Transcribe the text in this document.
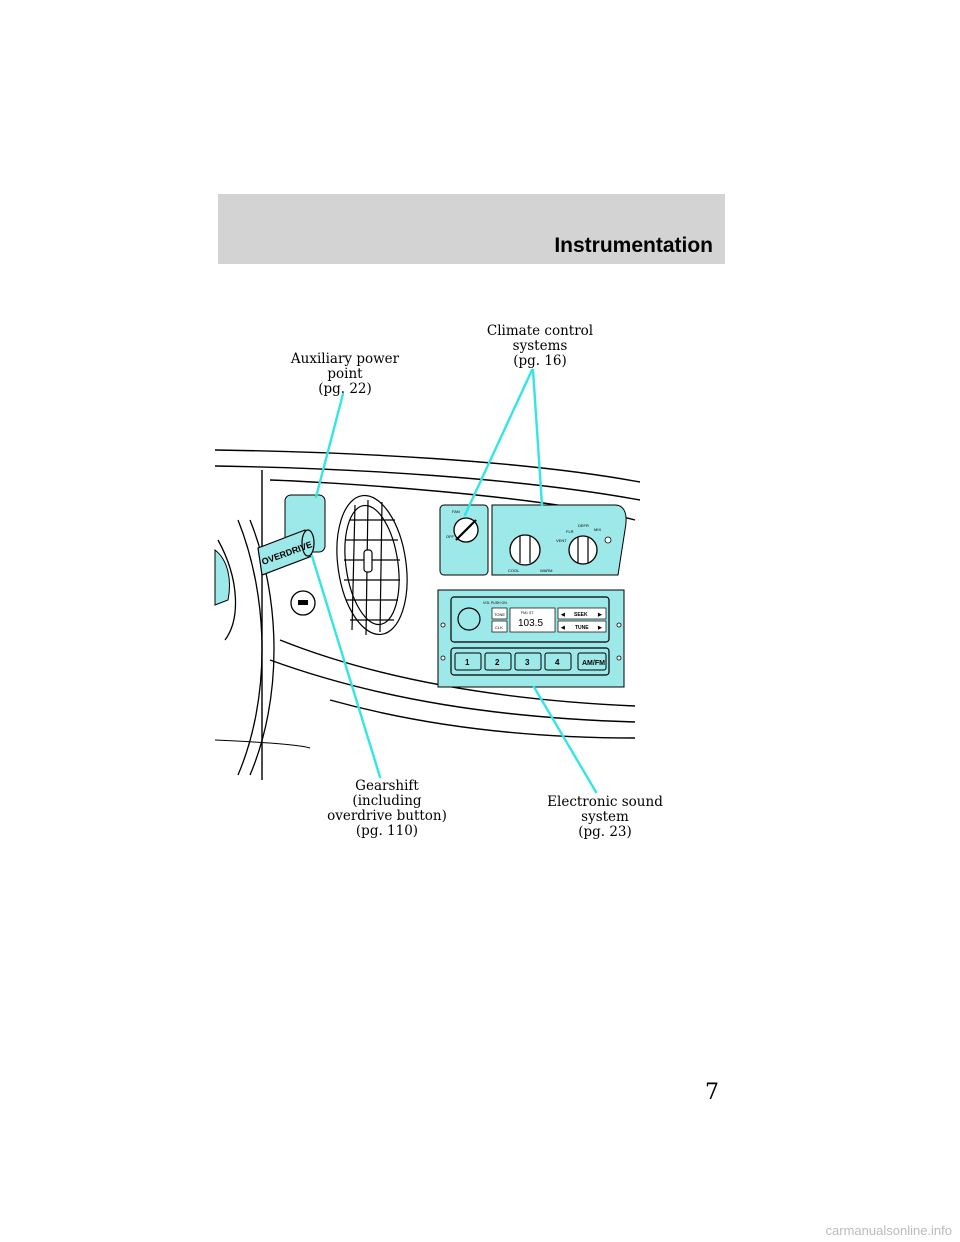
Instrumentation
Auxiliary power
point
(pg. 22)
Climate control
systems
(pg. 16)
Gearshift
(including
overdrive button)
(pg. 110)
Electronic sound
system
(pg. 23)
OVERDRIVE
FAN
OFF
COOL	WARM
VENT
FLR
DEFR
MIX
VOL PUSH ON
TONE
CLK
FM1 ST
103.5
◀ SEEK ▶
◀ TUNE ▶
1	2	3	4	AM/FM
7
carmanualsonline.info
